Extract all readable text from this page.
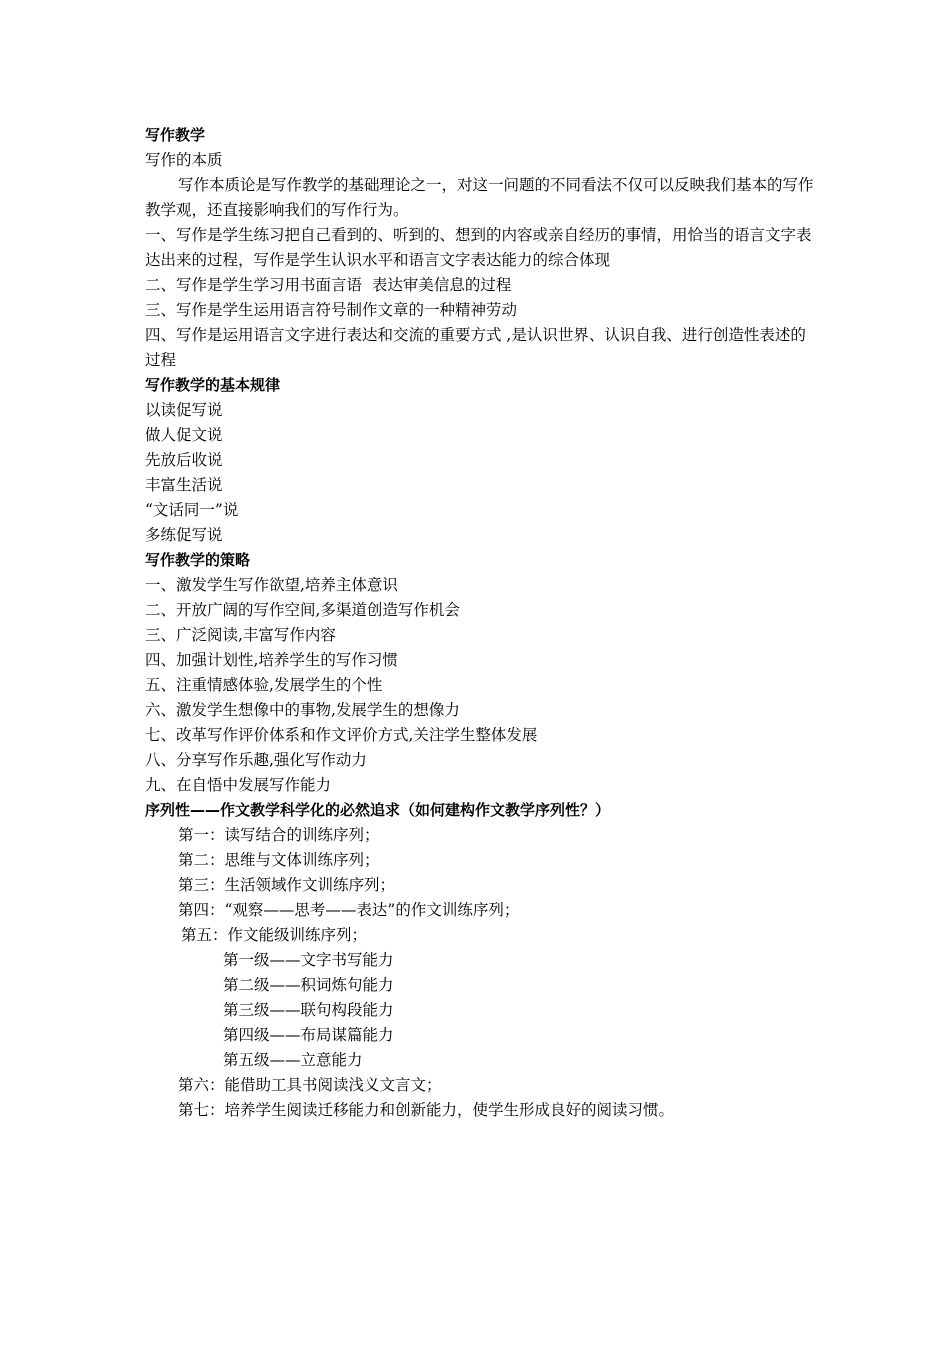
写作教学
写作的本质
写作本质论是写作教学的基础理论之一，对这一问题的不同看法不仅可以反映我们基本的写作教学观，还直接影响我们的写作行为。
一、写作是学生练习把自己看到的、听到的、想到的内容或亲自经历的事情，用恰当的语言文字表达出来的过程，写作是学生认识水平和语言文字表达能力的综合体现
二、写作是学生学习用书面言语  表达审美信息的过程
三、写作是学生运用语言符号制作文章的一种精神劳动
四、写作是运用语言文字进行表达和交流的重要方式 ,是认识世界、认识自我、进行创造性表述的过程
写作教学的基本规律
以读促写说
做人促文说
先放后收说
丰富生活说
“文话同一”说
多练促写说
写作教学的策略
一、激发学生写作欲望,培养主体意识
二、开放广阔的写作空间,多渠道创造写作机会
三、广泛阅读,丰富写作内容
四、加强计划性,培养学生的写作习惯
五、注重情感体验,发展学生的个性
六、激发学生想像中的事物,发展学生的想像力
七、改革写作评价体系和作文评价方式,关注学生整体发展
八、分享写作乐趣,强化写作动力
九、在自悟中发展写作能力
序列性——作文教学科学化的必然追求（如何建构作文教学序列性？）
第一：读写结合的训练序列；
第二：思维与文体训练序列；
第三：生活领域作文训练序列；
第四：“观察——思考——表达”的作文训练序列；
第五：作文能级训练序列；
第一级——文字书写能力
第二级——积词炼句能力
第三级——联句构段能力
第四级——布局谋篇能力
第五级——立意能力
第六：能借助工具书阅读浅义文言文；
第七：培养学生阅读迁移能力和创新能力，使学生形成良好的阅读习惯。
